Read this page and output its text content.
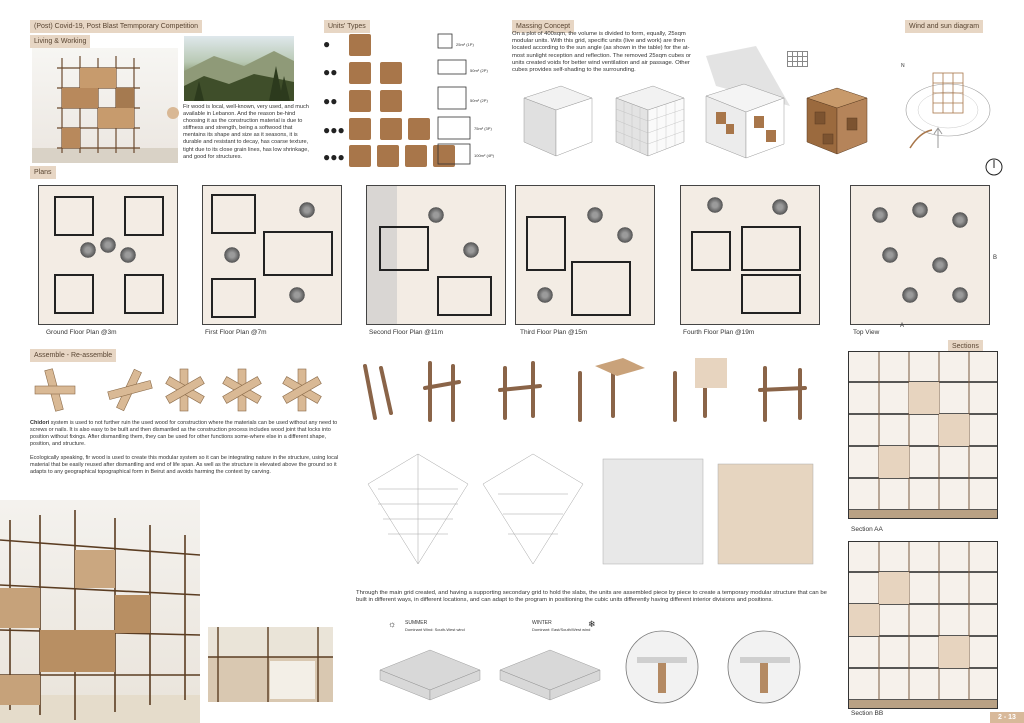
(Post) Covid-19, Post Blast Temmporary Competition
Living & Working
Units' Types	Massing Concept	Wind and sun diagram
Plans
Assemble - Re-assemble
Sections
Fir wood is local, well-known, very used, and much available in Lebanon. And the reason be-hind choosing it as the construction material is due to stiffness and strength, being a softwood that mentains its shape and size as it seasons, it is durable and resistant to decay, has coarse texture, tight due to its close grain lines, has low shrinkage, and good for structures.
●
●●
●●
●●●
●●●
25m² (1P)
50m² (2P)
50m² (2P)
75m² (3P)
100m² (4P)
On a plot of 400sqm, the volume is divided to form, equally, 25sqm modular units. With this grid, specific units (live and work) are then located according to the sun angle (as shown in the table) for the at-most sunlight reception and reflection. The removed 25sqm cubes or units created voids for better wind ventilation and air passage. Other cubes provides self-shading to the surrounding.

N
B
A
Ground Floor Plan @3m	First Floor Plan @7m	Second Floor Plan @11m	Third Floor Plan @15m	Fourth Floor Plan @19m	Top View
Chidori system is used to not further ruin the used wood for construction where the materials can be used without any need to screws or nails. It is also easy to be built and then dismantled as the construction process includes wood joint that locks into position without fixings. After dismantling them, they can be used for other functions some-where else in a different shape, position, and structure.
Ecologically speaking, fir wood is used to create this modular system so it can be integrating nature in the structure, using local material that be easily reused after dismantling and end of life span. As well as the structure is elevated above the ground so it adapts to any geographical topographical form in Beirut and avoids harming the context by carving.
Through the main grid created, and having a supporting secondary grid to hold the slabs, the units are assembled piece by piece to create a temporary modular structure that can be built in different ways, in different locations, and can adapt to the program in positioning the cubic units differently having different interior divisions and positions.
☼ SUMMER
Dominant Wind: South-West wind
❄
WINTER
Dominant: East/South/West wind
Section AA
Section BB
2 - 13
